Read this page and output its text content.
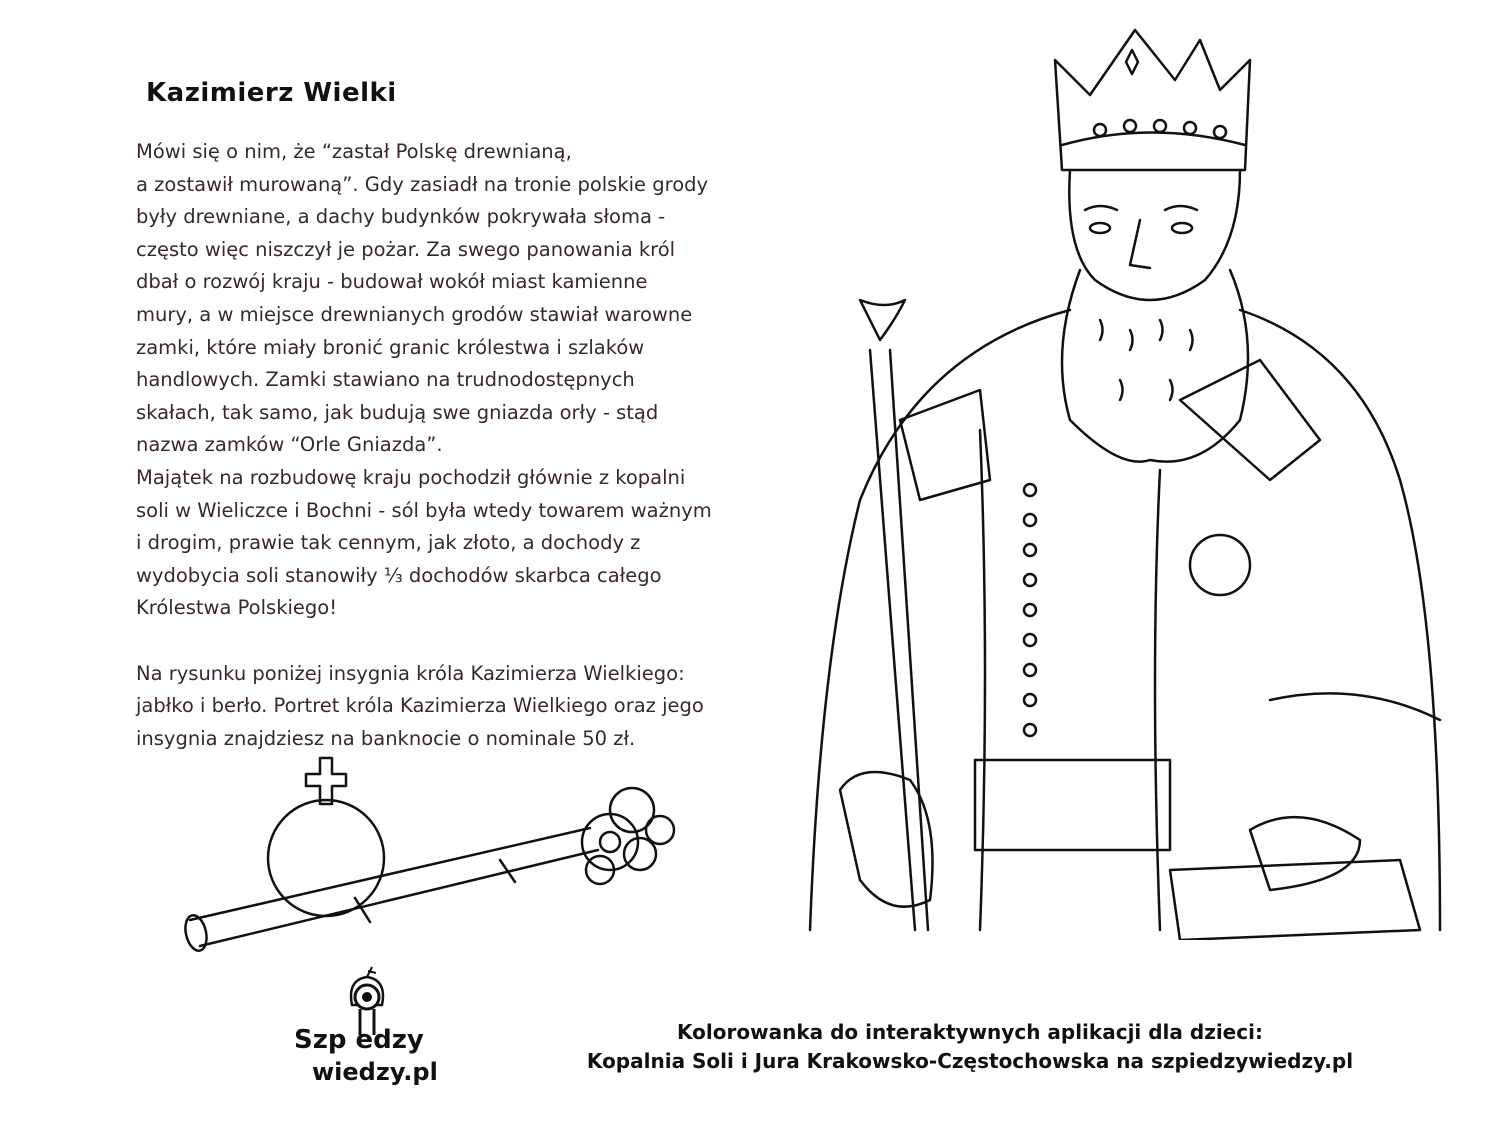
Kazimierz Wielki
Mówi się o nim, że “zastał Polskę drewnianą,
a zostawił murowaną”. Gdy zasiadł na tronie polskie grody
były drewniane, a dachy budynków pokrywała słoma -
często więc niszczył je pożar. Za swego panowania król
dbał o rozwój kraju - budował wokół miast kamienne
mury, a w miejsce drewnianych grodów stawiał warowne
zamki, które miały bronić granic królestwa i szlaków
handlowych. Zamki stawiano na trudnodostępnych
skałach, tak samo, jak budują swe gniazda orły - stąd
nazwa zamków “Orle Gniazda”.
Majątek na rozbudowę kraju pochodził głównie z kopalni
soli w Wieliczce i Bochni - sól była wtedy towarem ważnym
i drogim, prawie tak cennym, jak złoto, a dochody z
wydobycia soli stanowiły ⅓ dochodów skarbca całego
Królestwa Polskiego!
Na rysunku poniżej insygnia króla Kazimierza Wielkiego:
jabłko i berło. Portret króla Kazimierza Wielkiego oraz jego
insygnia znajdziesz na banknocie o nominale 50 zł.
Szp edzy
wiedzy.pl
Kolorowanka do interaktywnych aplikacji dla dzieci:
Kopalnia Soli i Jura Krakowsko-Częstochowska na szpiedzywiedzy.pl
